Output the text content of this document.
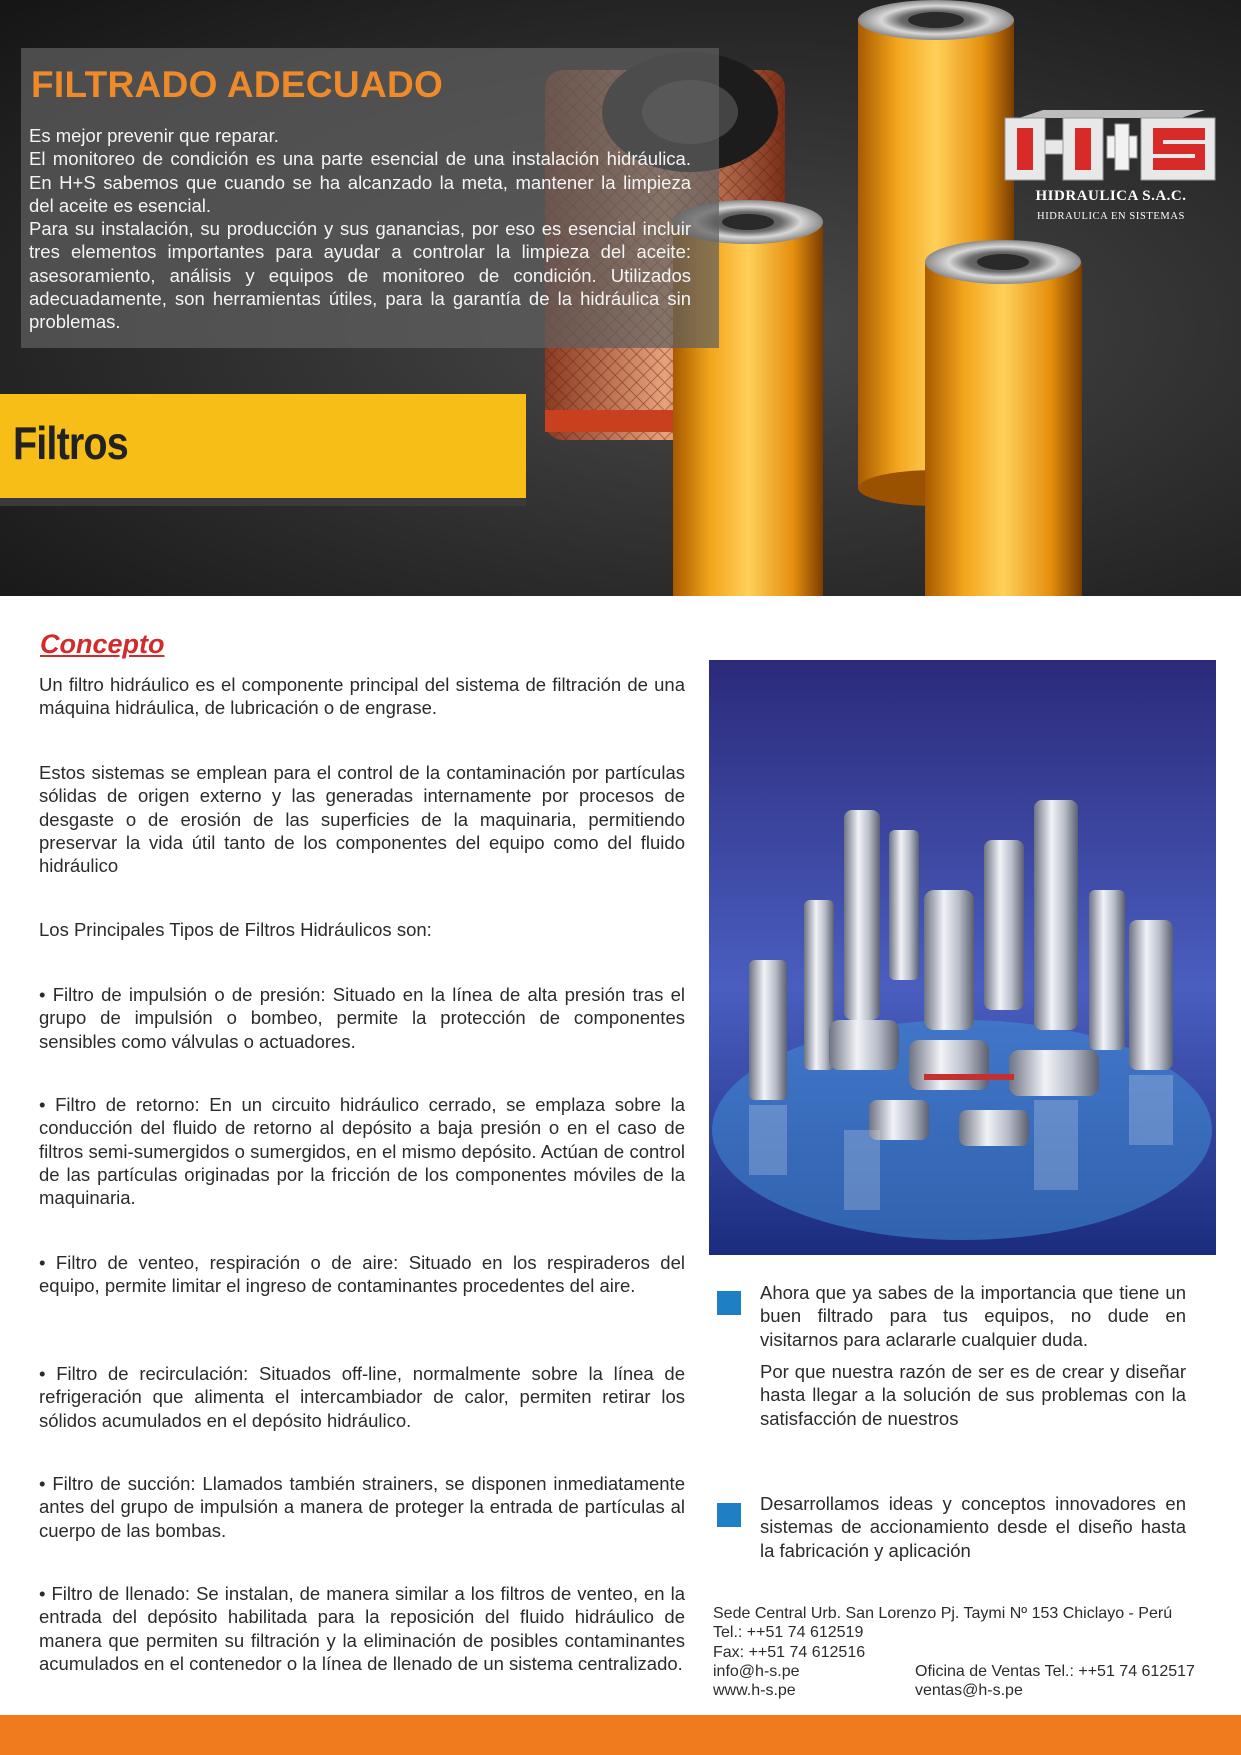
FILTRADO ADECUADO

Es mejor prevenir que reparar.

El monitoreo de condición es una parte esencial de una instalación hidráulica. En H+S sabemos que cuando se ha alcanzado la meta, mantener la limpieza del aceite es esencial.

Para su instalación, su producción y sus ganancias, por eso es esencial incluir tres elementos importantes para ayudar a controlar la limpieza del aceite: asesoramiento, análisis y equipos de monitoreo de condición. Utilizados adecuadamente, son herramientas útiles, para la garantía de la hidráulica sin problemas.

Filtros
HIDRAULICA S.A.C.
HIDRAULICA EN SISTEMAS
Concepto

Un filtro hidráulico es el componente principal del sistema de filtración de una máquina hidráulica, de lubricación o de engrase.

Estos sistemas se emplean para el control de la contaminación por partículas sólidas de origen externo y las generadas internamente por procesos de desgaste o de erosión de las superficies de la maquinaria, permitiendo preservar la vida útil tanto de los componentes del equipo como del fluido hidráulico

Los Principales Tipos de Filtros Hidráulicos son:

• Filtro de impulsión o de presión: Situado en la línea de alta presión tras el grupo de impulsión o bombeo, permite la protección de componentes sensibles como válvulas o actuadores.

• Filtro de retorno: En un circuito hidráulico cerrado, se emplaza sobre la conducción del fluido de retorno al depósito a baja presión o en el caso de filtros semi-sumergidos o sumergidos, en el mismo depósito. Actúan de control de las partículas originadas por la fricción de los componentes móviles de la maquinaria.

• Filtro de venteo, respiración o de aire: Situado en los respiraderos del equipo, permite limitar el ingreso de contaminantes procedentes del aire.

• Filtro de recirculación: Situados off-line, normalmente sobre la línea de refrigeración que alimenta el intercambiador de calor, permiten retirar los sólidos acumulados en el depósito hidráulico.

• Filtro de succión: Llamados también strainers, se disponen inmediatamente antes del grupo de impulsión a manera de proteger la entrada de partículas al cuerpo de las bombas.

• Filtro de llenado: Se instalan, de manera similar a los filtros de venteo, en la entrada del depósito habilitada para la reposición del fluido hidráulico de manera que permiten su filtración y la eliminación de posibles contaminantes acumulados en el contenedor o la línea de llenado de un sistema centralizado.

Ahora que ya sabes de la importancia que tiene un buen filtrado para tus equipos, no dude en visitarnos para aclararle cualquier duda.

Por que nuestra razón de ser es de crear y diseñar hasta llegar a la solución de sus problemas con la satisfacción de nuestros

Desarrollamos ideas y conceptos innovadores en sistemas de accionamiento desde el diseño hasta la fabricación y aplicación

Sede Central Urb. San Lorenzo Pj. Taymi Nº 153 Chiclayo - Perú
Tel.: ++51 74 612519
Fax: ++51 74 612516
info@h-s.pe	Oficina de Ventas Tel.: ++51 74 612517
www.h-s.pe	ventas@h-s.pe
